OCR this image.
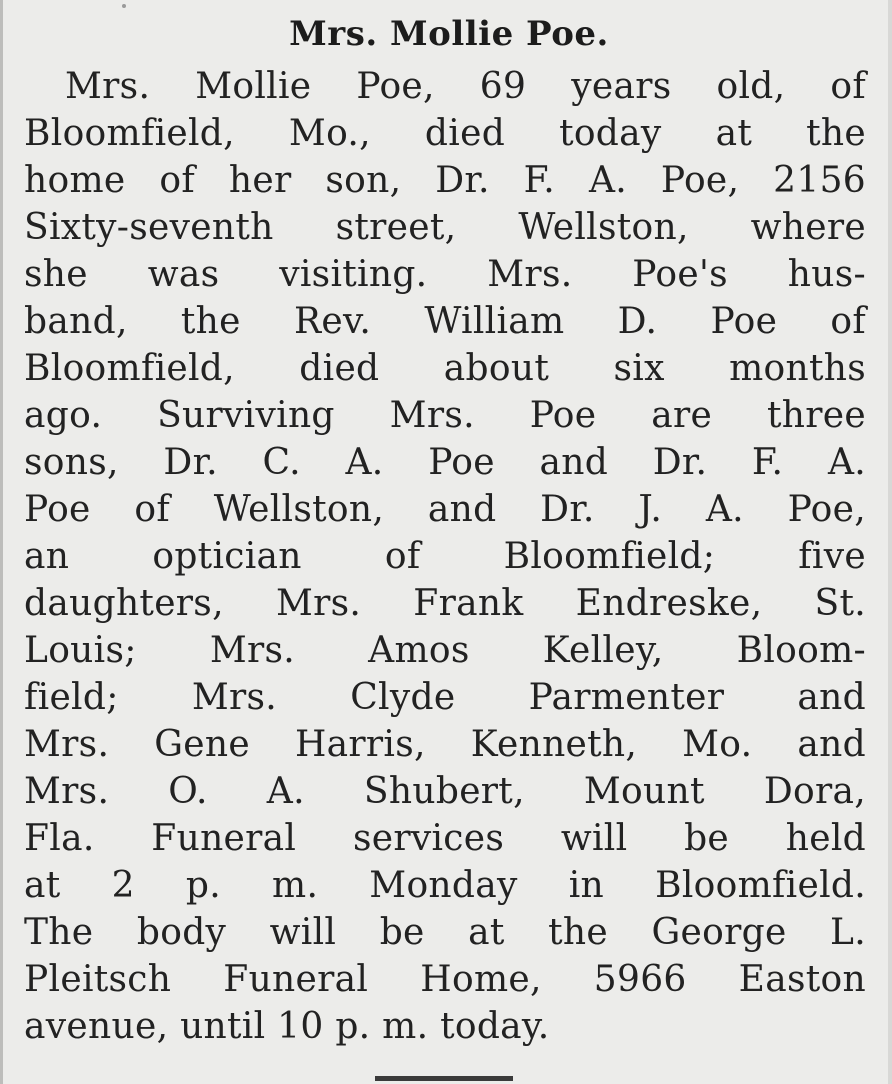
Mrs. Mollie Poe.
Mrs. Mollie Poe, 69 years old, of
Bloomfield, Mo., died today at the
home of her son, Dr. F. A. Poe, 2156
Sixty-seventh street, Wellston, where
she was visiting. Mrs. Poe's hus-
band, the Rev. William D. Poe of
Bloomfield, died about six months
ago. Surviving Mrs. Poe are three
sons, Dr. C. A. Poe and Dr. F. A.
Poe of Wellston, and Dr. J. A. Poe,
an optician of Bloomfield; five
daughters, Mrs. Frank Endreske, St.
Louis; Mrs. Amos Kelley, Bloom-
field; Mrs. Clyde Parmenter and
Mrs. Gene Harris, Kenneth, Mo. and
Mrs. O. A. Shubert, Mount Dora,
Fla. Funeral services will be held
at 2 p. m. Monday in Bloomfield.
The body will be at the George L.
Pleitsch Funeral Home, 5966 Easton
avenue, until 10 p. m. today.
